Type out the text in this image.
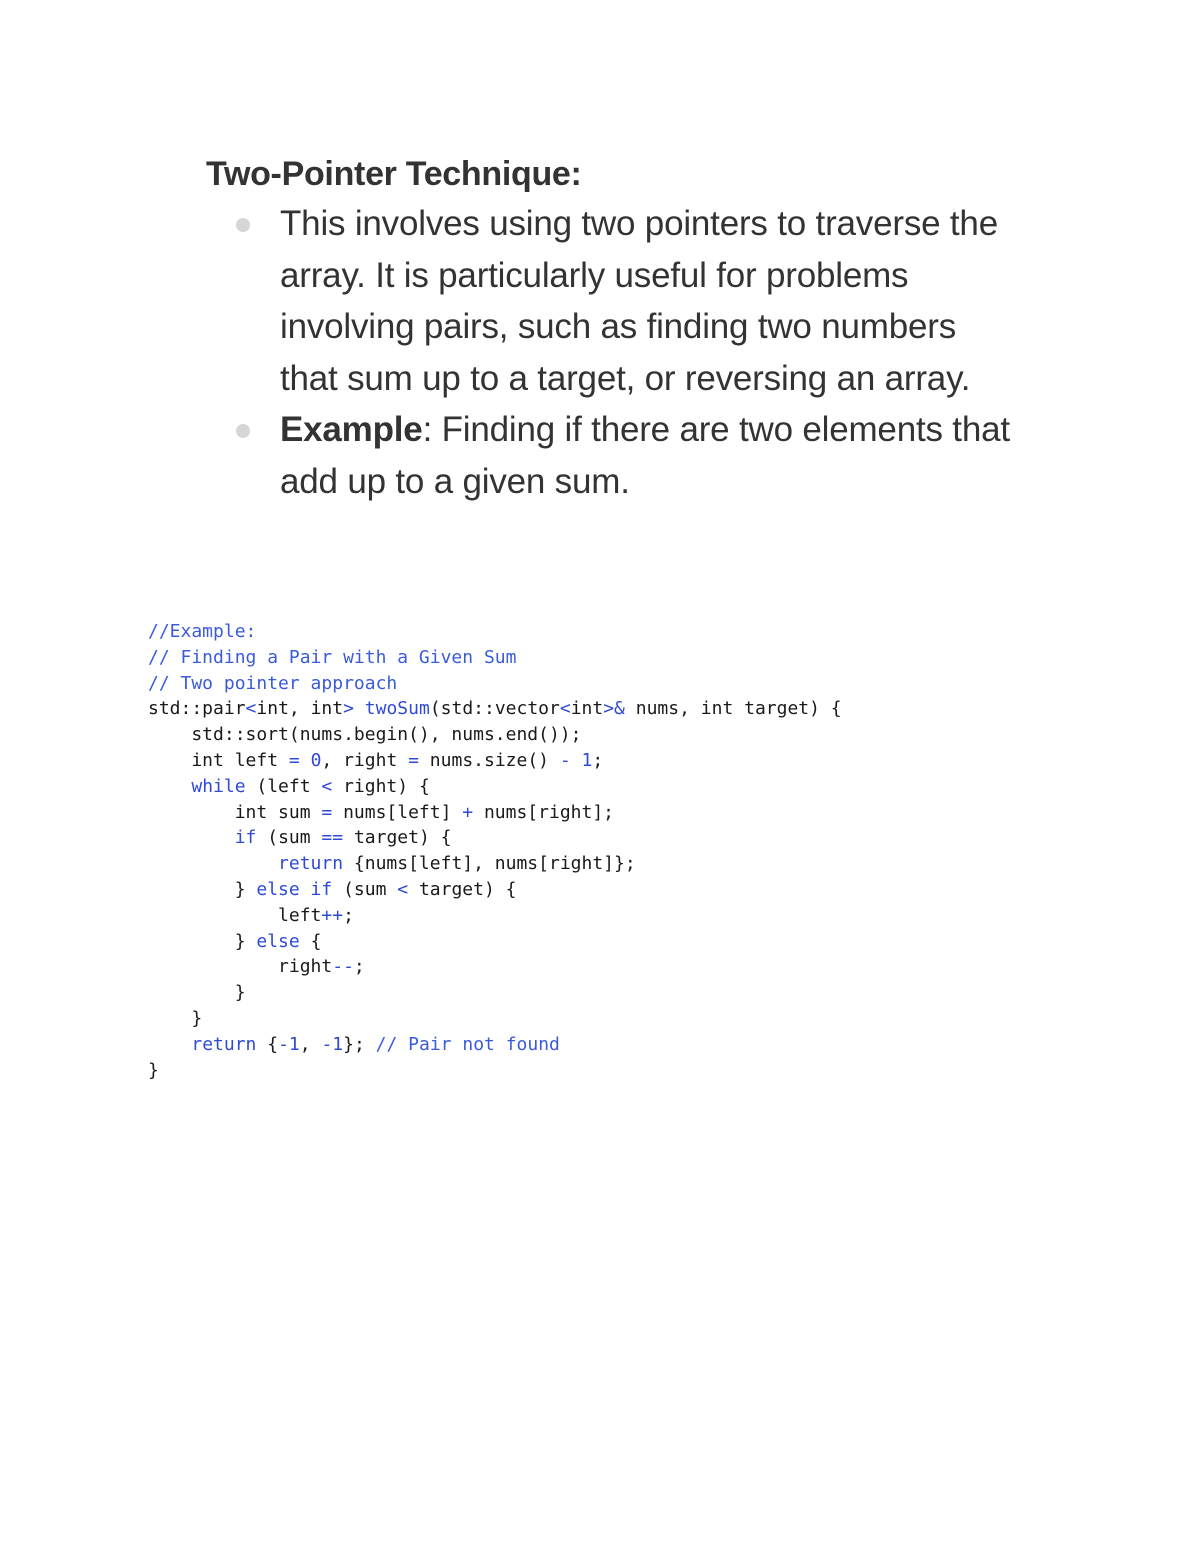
Two-Pointer Technique:
This involves using two pointers to traverse the array. It is particularly useful for problems involving pairs, such as finding two numbers that sum up to a target, or reversing an array.
Example: Finding if there are two elements that add up to a given sum.
//Example:
// Finding a Pair with a Given Sum
// Two pointer approach
std::pair<int, int> twoSum(std::vector<int>& nums, int target) {
std::sort(nums.begin(), nums.end());
int left = 0, right = nums.size() - 1;
while (left < right) {
int sum = nums[left] + nums[right];
if (sum == target) {
return {nums[left], nums[right]};
} else if (sum < target) {
left++;
} else {
right--;
}
}
return {-1, -1}; // Pair not found
}
